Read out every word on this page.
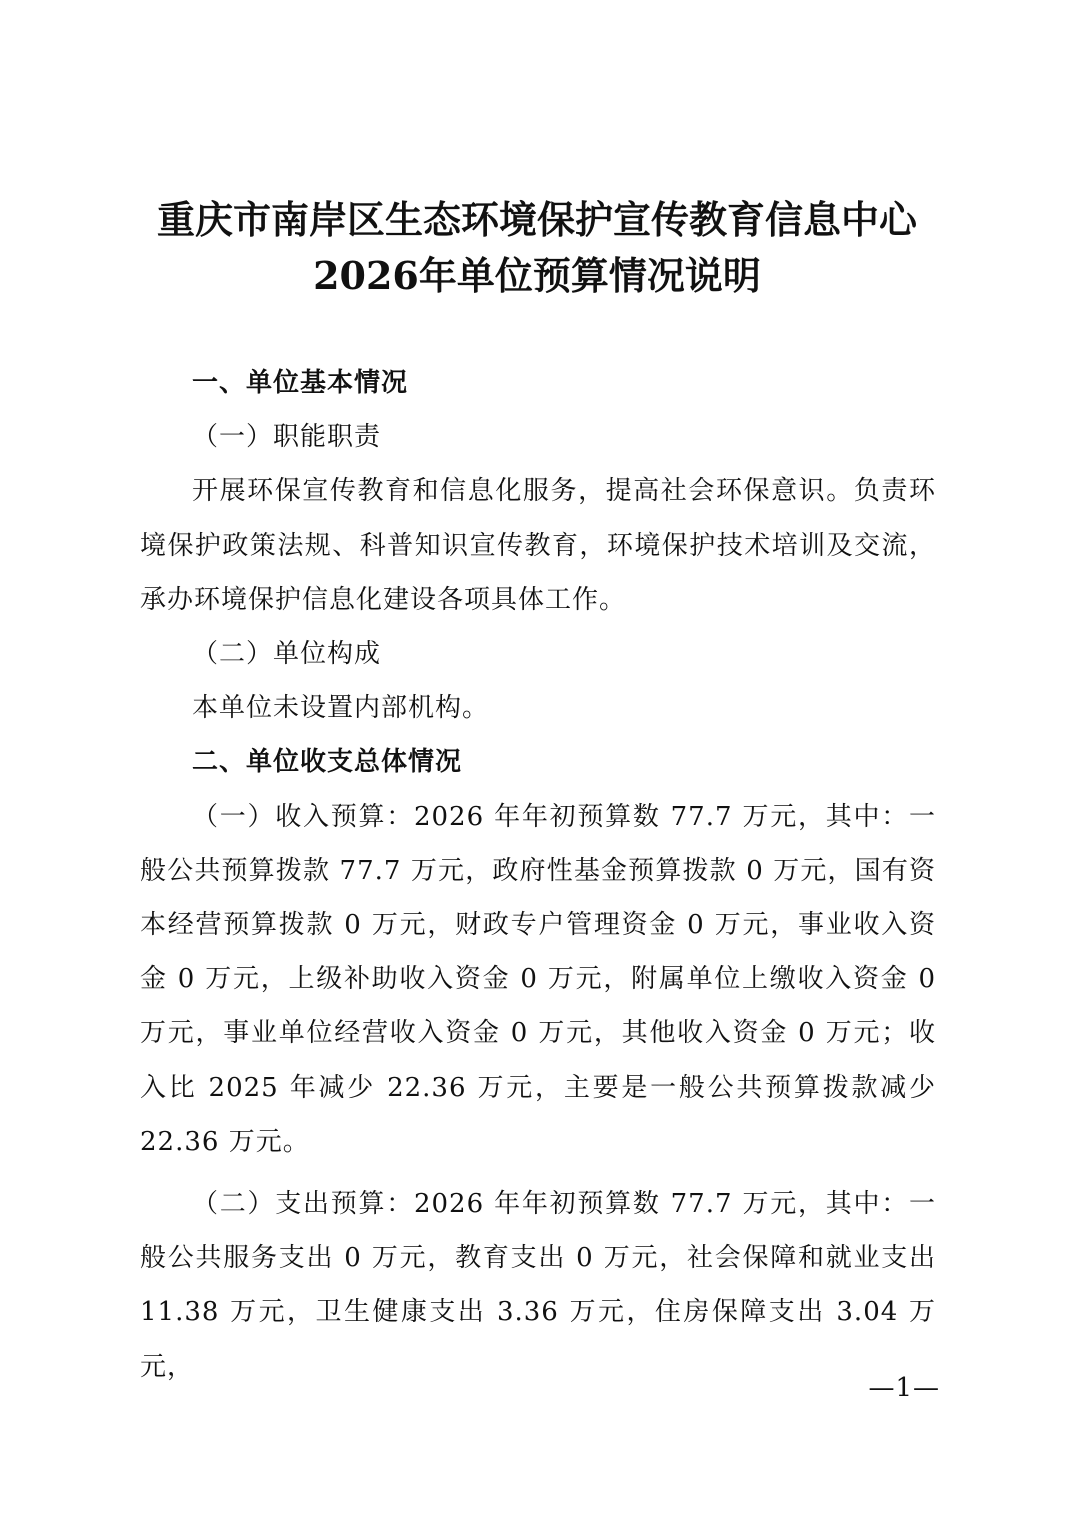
重庆市南岸区生态环境保护宣传教育信息中心
2026年单位预算情况说明

一、单位基本情况

（一）职能职责

开展环保宣传教育和信息化服务，提高社会环保意识。负责环境保护政策法规、科普知识宣传教育，环境保护技术培训及交流，承办环境保护信息化建设各项具体工作。

（二）单位构成

本单位未设置内部机构。

二、单位收支总体情况

（一）收入预算：2026 年年初预算数 77.7 万元，其中：一般公共预算拨款 77.7 万元，政府性基金预算拨款 0 万元，国有资本经营预算拨款 0 万元，财政专户管理资金 0 万元，事业收入资金 0 万元，上级补助收入资金 0 万元，附属单位上缴收入资金 0 万元，事业单位经营收入资金 0 万元，其他收入资金 0 万元；收入比 2025 年减少 22.36 万元，主要是一般公共预算拨款减少 22.36 万元。

（二）支出预算：2026 年年初预算数 77.7 万元，其中：一般公共服务支出 0 万元，教育支出 0 万元，社会保障和就业支出 11.38 万元，卫生健康支出 3.36 万元，住房保障支出 3.04 万元，

—1—
